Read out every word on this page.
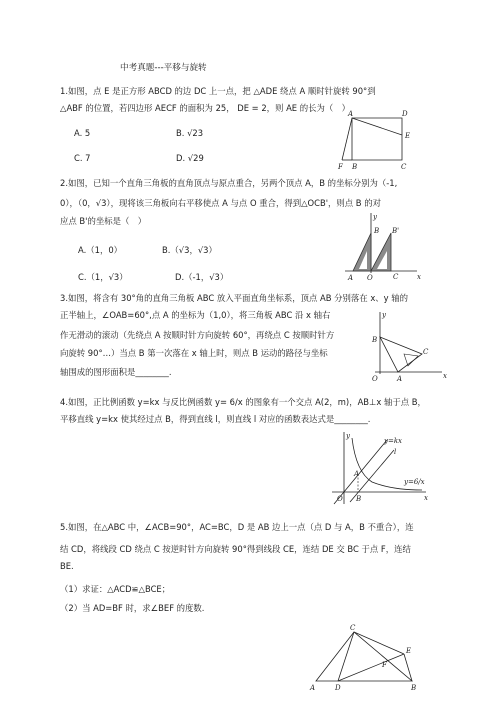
中考真题---平移与旋转
1.如图，点 E 是正方形 ABCD 的边 DC 上一点，把 △ADE 绕点 A 顺时针旋转 90°到
△ABF 的位置，若四边形 AECF 的面积为 25， DE = 2，则 AE 的长为（　）
A. 5	B. √23
C. 7	D. √29
A	D
E
F B	C
2.如图，已知一个直角三角板的直角顶点与原点重合，另两个顶点 A，B 的坐标分别为（-1,
0），（0，√3），现将该三角板向右平移使点 A 与点 O 重合，得到△OCB'，则点 B 的对
应点 B'的坐标是（　）
A.（1，0）	B.（√3，√3）
C.（1，√3）	D.（-1，√3）
y
B B'
A O	C	x
3.如图，将含有 30°角的直角三角板 ABC 放入平面直角坐标系，顶点 AB 分别落在 x、y 轴的
正半轴上，∠OAB=60°,点 A 的坐标为（1,0），将三角板 ABC 沿 x 轴右
作无滑动的滚动（先绕点 A 按顺时针方向旋转 60°，再绕点 C 按顺时针方
向旋转 90°…）当点 B 第一次落在 x 轴上时，则点 B 运动的路径与坐标
轴围成的图形面积是________.
y
B
C
O	A	x
4.如图，正比例函数 y=kx 与反比例函数 y= 6/x 的图象有一个交点 A(2，m)，AB⊥x 轴于点 B，
平移直线 y=kx 使其经过点 B，得到直线 l，则直线 l 对应的函数表达式是________.
y
y=kx
l
A
y=6/x
O B	x
5.如图，在△ABC 中，∠ACB=90°，AC=BC，D 是 AB 边上一点（点 D 与 A，B 不重合），连
结 CD，将线段 CD 绕点 C 按逆时针方向旋转 90°得到线段 CE，连结 DE 交 BC 于点 F，连结
BE.
（1）求证：△ACD≌△BCE；
（2）当 AD=BF 时，求∠BEF 的度数.
C
E
F
A	D	B
